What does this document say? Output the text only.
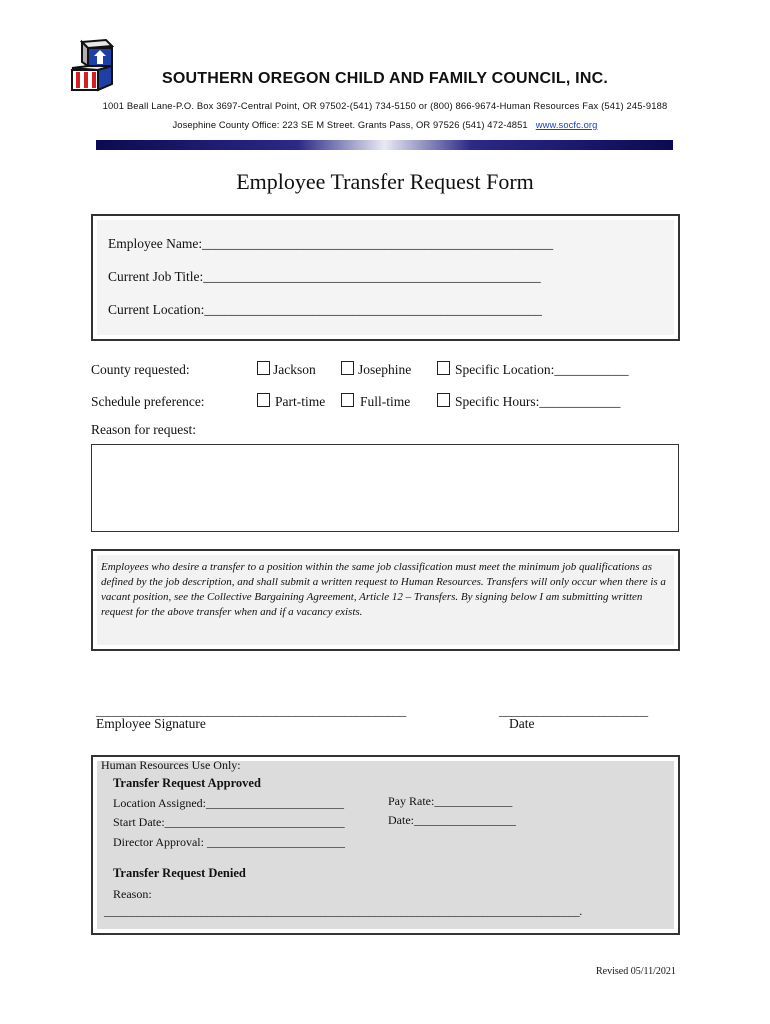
SOUTHERN OREGON CHILD AND FAMILY COUNCIL, INC.
1001 Beall Lane-P.O. Box 3697-Central Point, OR 97502-(541) 734-5150 or (800) 866-9674-Human Resources Fax (541) 245-9188
Josephine County Office: 223 SE M Street. Grants Pass, OR 97526 (541) 472-4851 www.socfc.org
Employee Transfer Request Form
Employee Name:____________________________________________________
Current Job Title:__________________________________________________
Current Location:__________________________________________________
County requested:	Jackson	Josephine	Specific Location:___________
Schedule preference:	Part-time	Full-time	Specific Hours:____________
Reason for request:
Employees who desire a transfer to a position within the same job classification must meet the minimum job qualifications as defined by the job description, and shall submit a written request to Human Resources. Transfers will only occur when there is a vacant position, see the Collective Bargaining Agreement, Article 12 – Transfers. By signing below I am submitting written request for the above transfer when and if a vacancy exists.
__________________________________________________
Employee Signature
________________________
Date
Human Resources Use Only:
Transfer Request Approved
Location Assigned:_______________________
Start Date:______________________________
Director Approval: _______________________
Pay Rate:_____________
Date:_________________
Transfer Request Denied
Reason:
________________________________________________________________________________________.
Revised 05/11/2021
